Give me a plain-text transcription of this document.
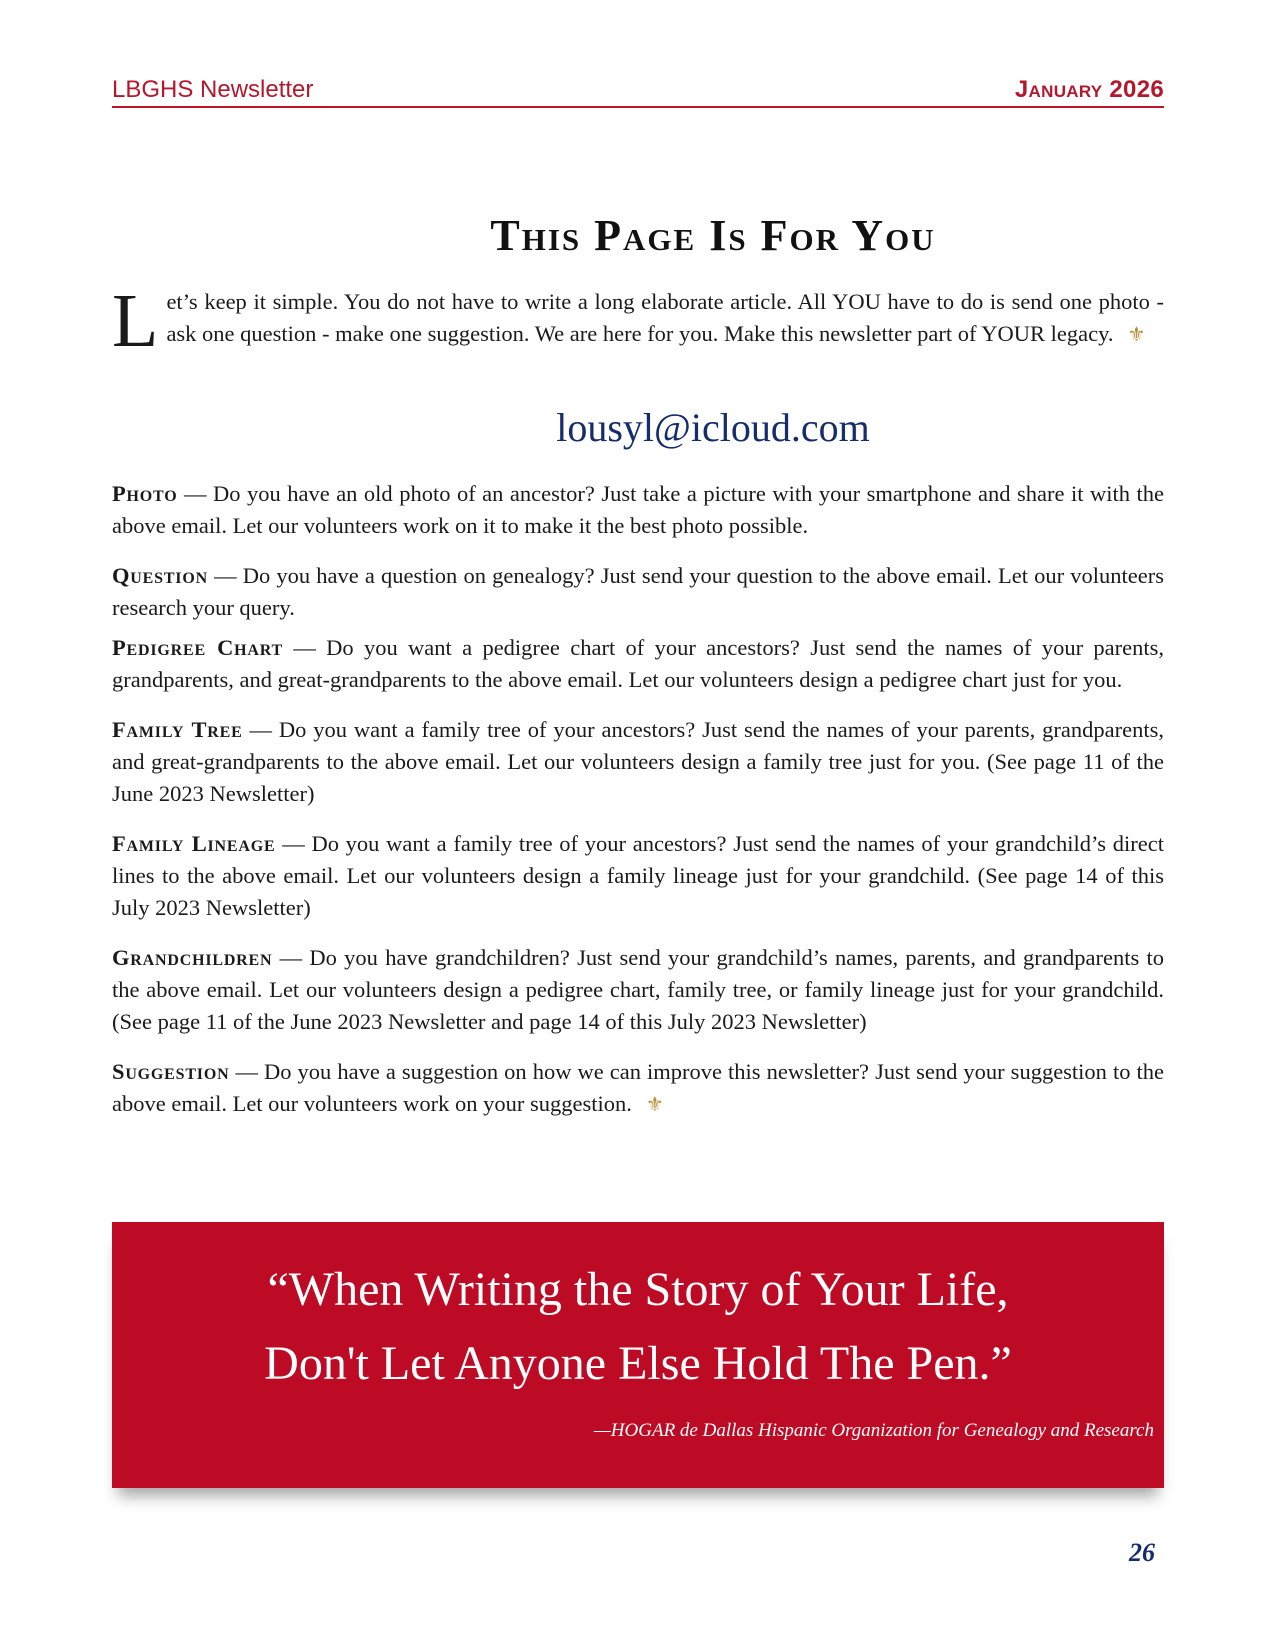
LBGHS Newsletter	January 2026
This Page Is For You
Let’s keep it simple. You do not have to write a long elaborate article. All YOU have to do is send one photo - ask one question - make one suggestion. We are here for you. Make this newsletter part of YOUR legacy. ⚜
lousyl@icloud.com

Photo — Do you have an old photo of an ancestor? Just take a picture with your smartphone and share it with the above email. Let our volunteers work on it to make it the best photo possible.

Question — Do you have a question on genealogy? Just send your question to the above email. Let our volunteers research your query.

Pedigree Chart — Do you want a pedigree chart of your ancestors? Just send the names of your parents, grandparents, and great-grandparents to the above email. Let our volunteers design a pedigree chart just for you.

Family Tree — Do you want a family tree of your ancestors? Just send the names of your parents, grandparents, and great-grandparents to the above email. Let our volunteers design a family tree just for you. (See page 11 of the June 2023 Newsletter)

Family Lineage — Do you want a family tree of your ancestors? Just send the names of your grandchild’s direct lines to the above email. Let our volunteers design a family lineage just for your grandchild. (See page 14 of this July 2023 Newsletter)

Grandchildren — Do you have grandchildren? Just send your grandchild’s names, parents, and grandparents to the above email. Let our volunteers design a pedigree chart, family tree, or family lineage just for your grandchild. (See page 11 of the June 2023 Newsletter and page 14 of this July 2023 Newsletter)

Suggestion — Do you have a suggestion on how we can improve this newsletter? Just send your suggestion to the above email. Let our volunteers work on your suggestion. ⚜

“When Writing the Story of Your Life,
Don't Let Anyone Else Hold The Pen.”
—HOGAR de Dallas Hispanic Organization for Genealogy and Research
26
